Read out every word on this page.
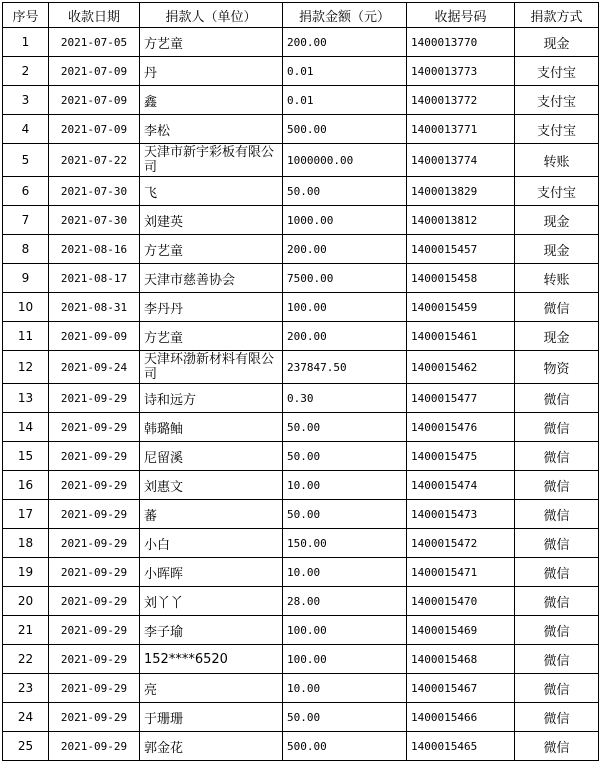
序号	收款日期	捐款人（单位）	捐款金额（元）	收据号码	捐款方式
1	2021-07-05	方艺童	200.00	1400013770	现金
2	2021-07-09	丹	0.01	1400013773	支付宝
3	2021-07-09	鑫	0.01	1400013772	支付宝
4	2021-07-09	李松	500.00	1400013771	支付宝
5	2021-07-22	天津市新宇彩板有限公司	1000000.00	1400013774	转账
6	2021-07-30	飞	50.00	1400013829	支付宝
7	2021-07-30	刘建英	1000.00	1400013812	现金
8	2021-08-16	方艺童	200.00	1400015457	现金
9	2021-08-17	天津市慈善协会	7500.00	1400015458	转账
10	2021-08-31	李丹丹	100.00	1400015459	微信
11	2021-09-09	方艺童	200.00	1400015461	现金
12	2021-09-24	天津环渤新材料有限公司	237847.50	1400015462	物资
13	2021-09-29	诗和远方	0.30	1400015477	微信
14	2021-09-29	韩璐鲉	50.00	1400015476	微信
15	2021-09-29	尼留溪	50.00	1400015475	微信
16	2021-09-29	刘惠文	10.00	1400015474	微信
17	2021-09-29	蕃	50.00	1400015473	微信
18	2021-09-29	小白	150.00	1400015472	微信
19	2021-09-29	小晖晖	10.00	1400015471	微信
20	2021-09-29	刘丫丫	28.00	1400015470	微信
21	2021-09-29	李子瑜	100.00	1400015469	微信
22	2021-09-29	152****6520	100.00	1400015468	微信
23	2021-09-29	亮	10.00	1400015467	微信
24	2021-09-29	于珊珊	50.00	1400015466	微信
25	2021-09-29	郭金花	500.00	1400015465	微信
